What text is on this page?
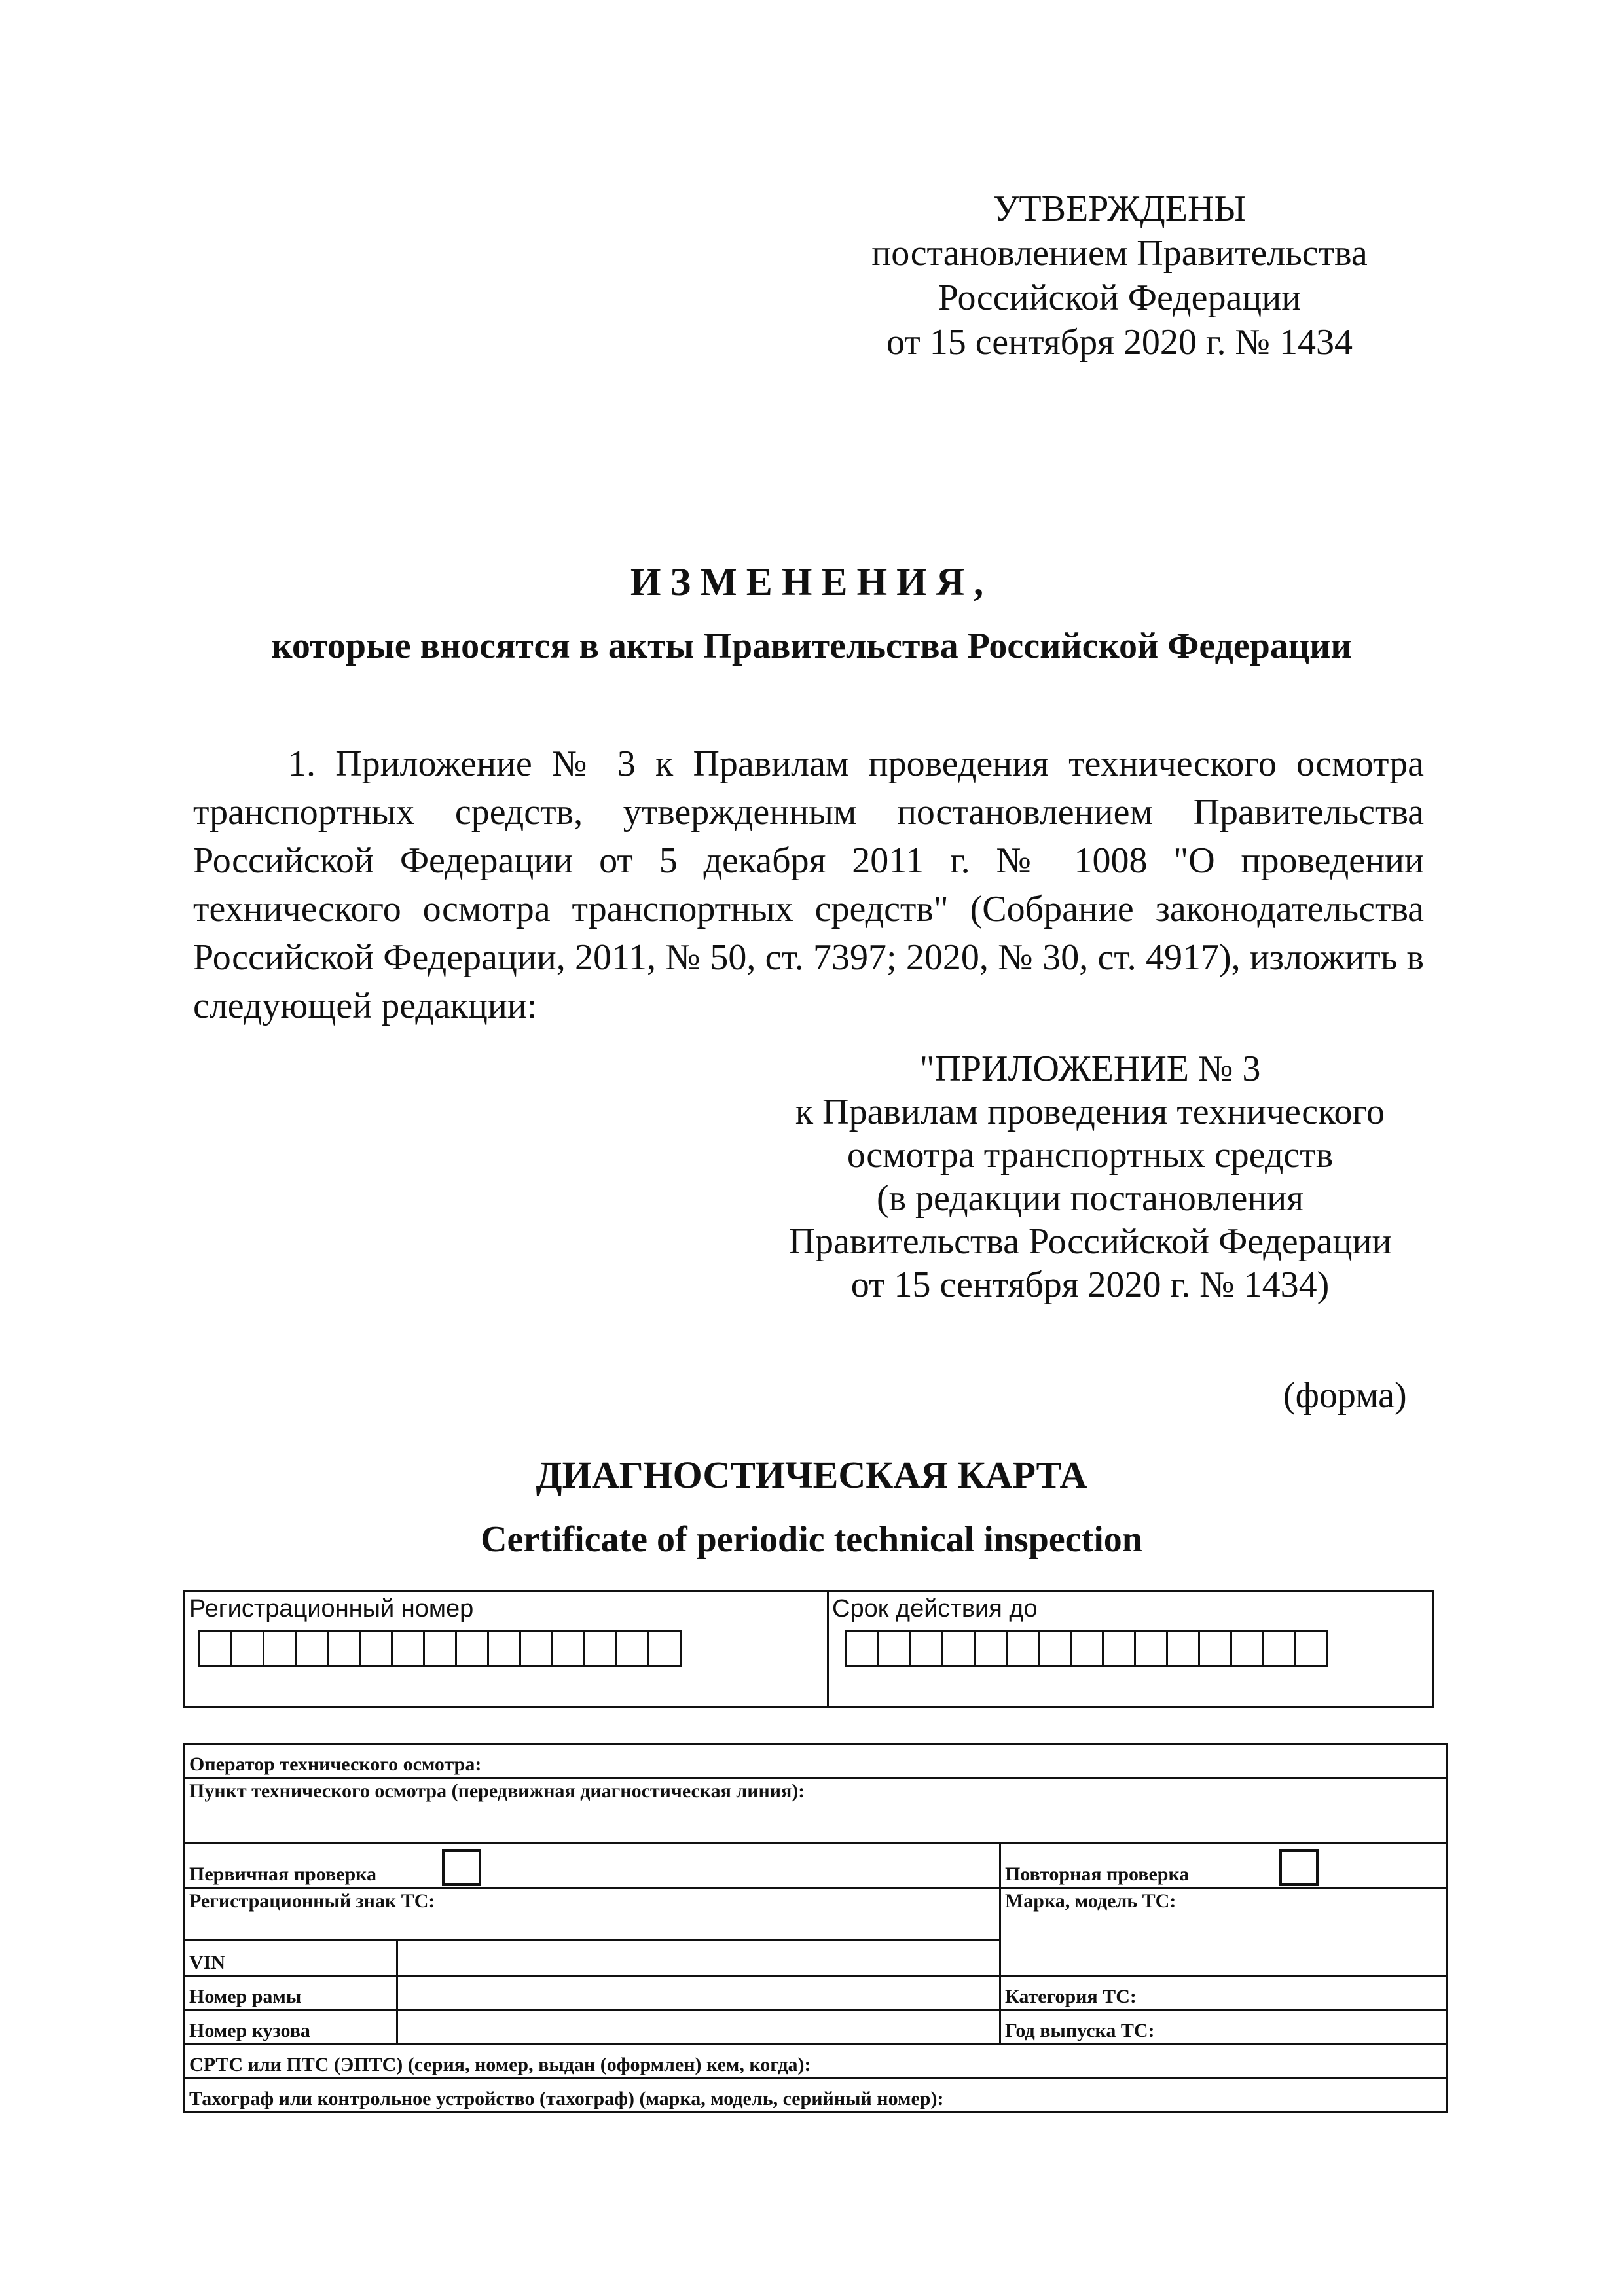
УТВЕРЖДЕНЫ
постановлением Правительства
Российской Федерации
от 15 сентября 2020 г. № 1434
ИЗМЕНЕНИЯ,
которые вносятся в акты Правительства Российской Федерации

1. Приложение № 3 к Правилам проведения технического осмотра транспортных средств, утвержденным постановлением Правительства Российской Федерации от 5 декабря 2011 г. № 1008 "О проведении технического осмотра транспортных средств" (Собрание законодательства Российской Федерации, 2011, № 50, ст. 7397; 2020, № 30, ст. 4917), изложить в следующей редакции:

"ПРИЛОЖЕНИЕ № 3
к Правилам проведения технического
осмотра транспортных средств
(в редакции постановления
Правительства Российской Федерации
от 15 сентября 2020 г. № 1434)
(форма)
ДИАГНОСТИЧЕСКАЯ КАРТА
Certificate of periodic technical inspection
Регистрационный номер	Срок действия до
Оператор технического осмотра:		
Пункт технического осмотра (передвижная диагностическая линия):		
Первичная проверка		Повторная проверка
Регистрационный знак ТС:		Марка, модель ТС:
VIN		
Номер рамы		Категория ТС:
Номер кузова		Год выпуска ТС:
СРТС или ПТС (ЭПТС) (серия, номер, выдан (оформлен) кем, когда):		
Тахограф или контрольное устройство (тахограф) (марка, модель, серийный номер):		
